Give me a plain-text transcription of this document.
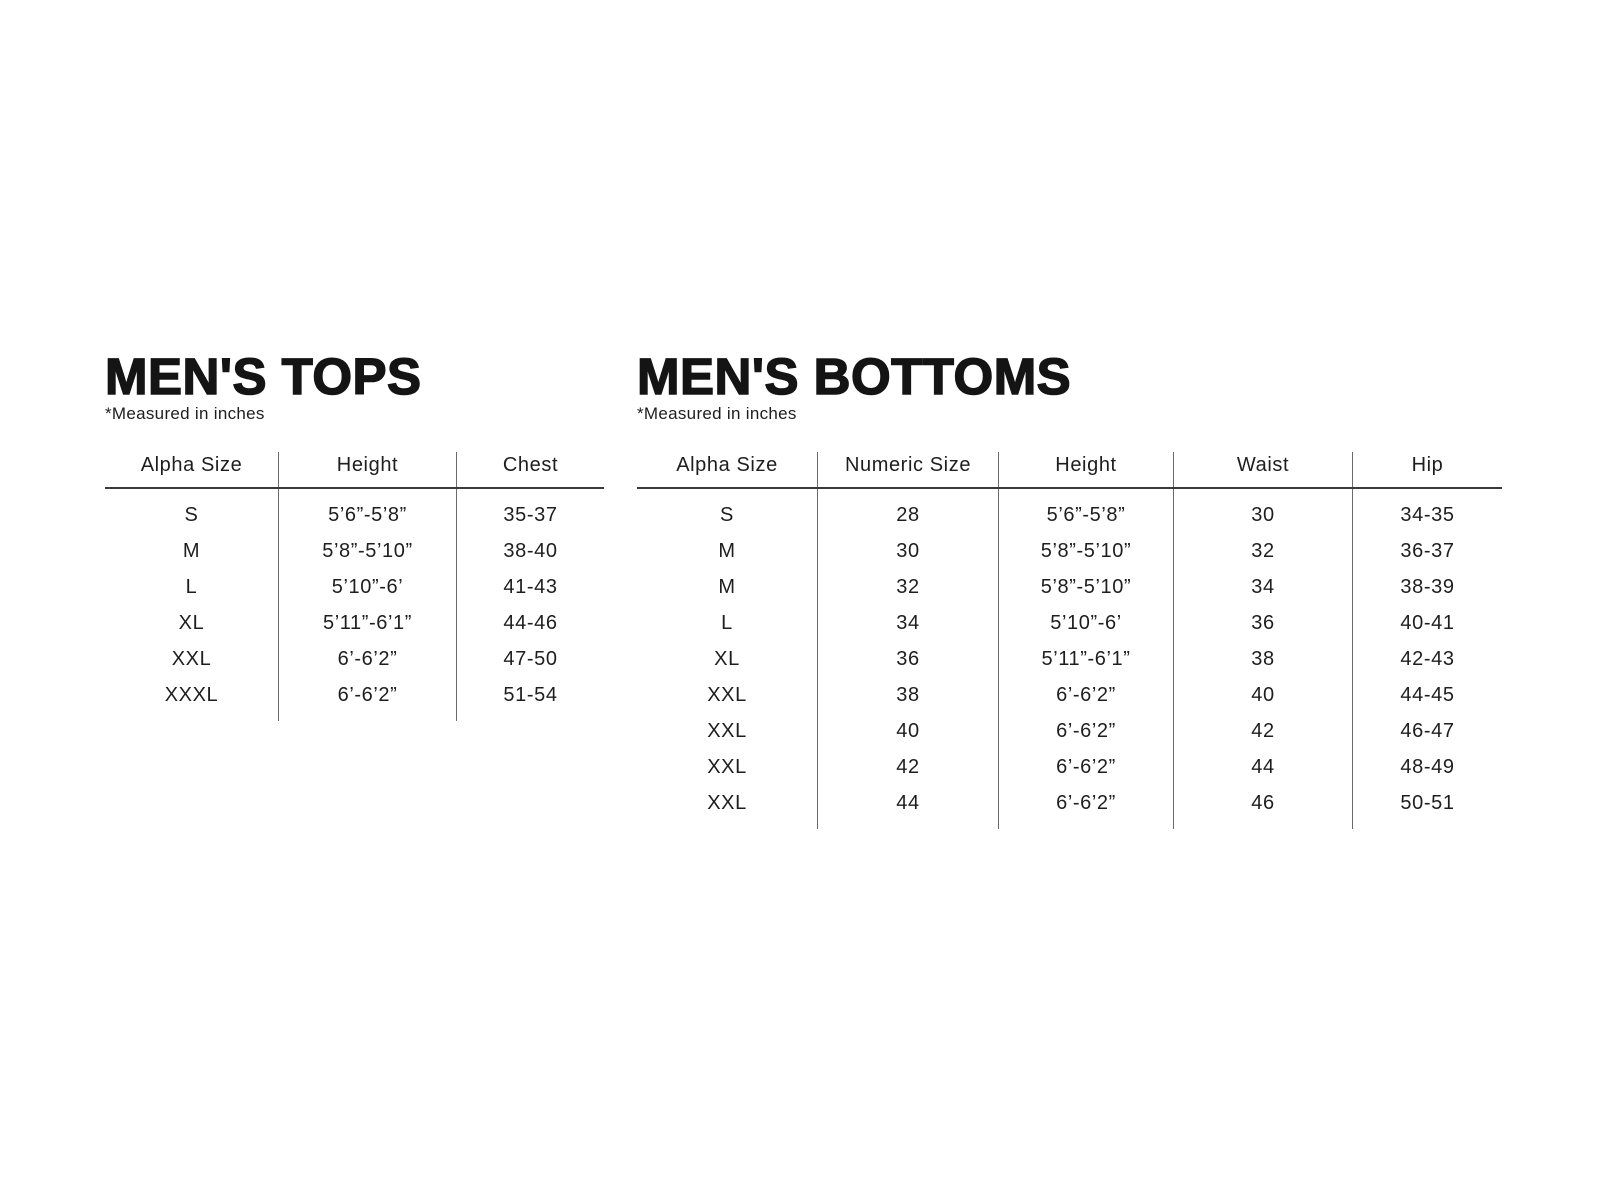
MEN'S TOPS
*Measured in inches
Alpha Size	Height	Chest
S	5’6”-5’8”	35-37
M	5’8”-5’10”	38-40
L	5’10”-6’	41-43
XL	5’11”-6’1”	44-46
XXL	6’-6’2”	47-50
XXXL	6’-6’2”	51-54
MEN'S BOTTOMS
*Measured in inches
Alpha Size	Numeric Size	Height	Waist	Hip
S	28	5’6”-5’8”	30	34-35
M	30	5’8”-5’10”	32	36-37
M	32	5’8”-5’10”	34	38-39
L	34	5’10”-6’	36	40-41
XL	36	5’11”-6’1”	38	42-43
XXL	38	6’-6’2”	40	44-45
XXL	40	6’-6’2”	42	46-47
XXL	42	6’-6’2”	44	48-49
XXL	44	6’-6’2”	46	50-51
